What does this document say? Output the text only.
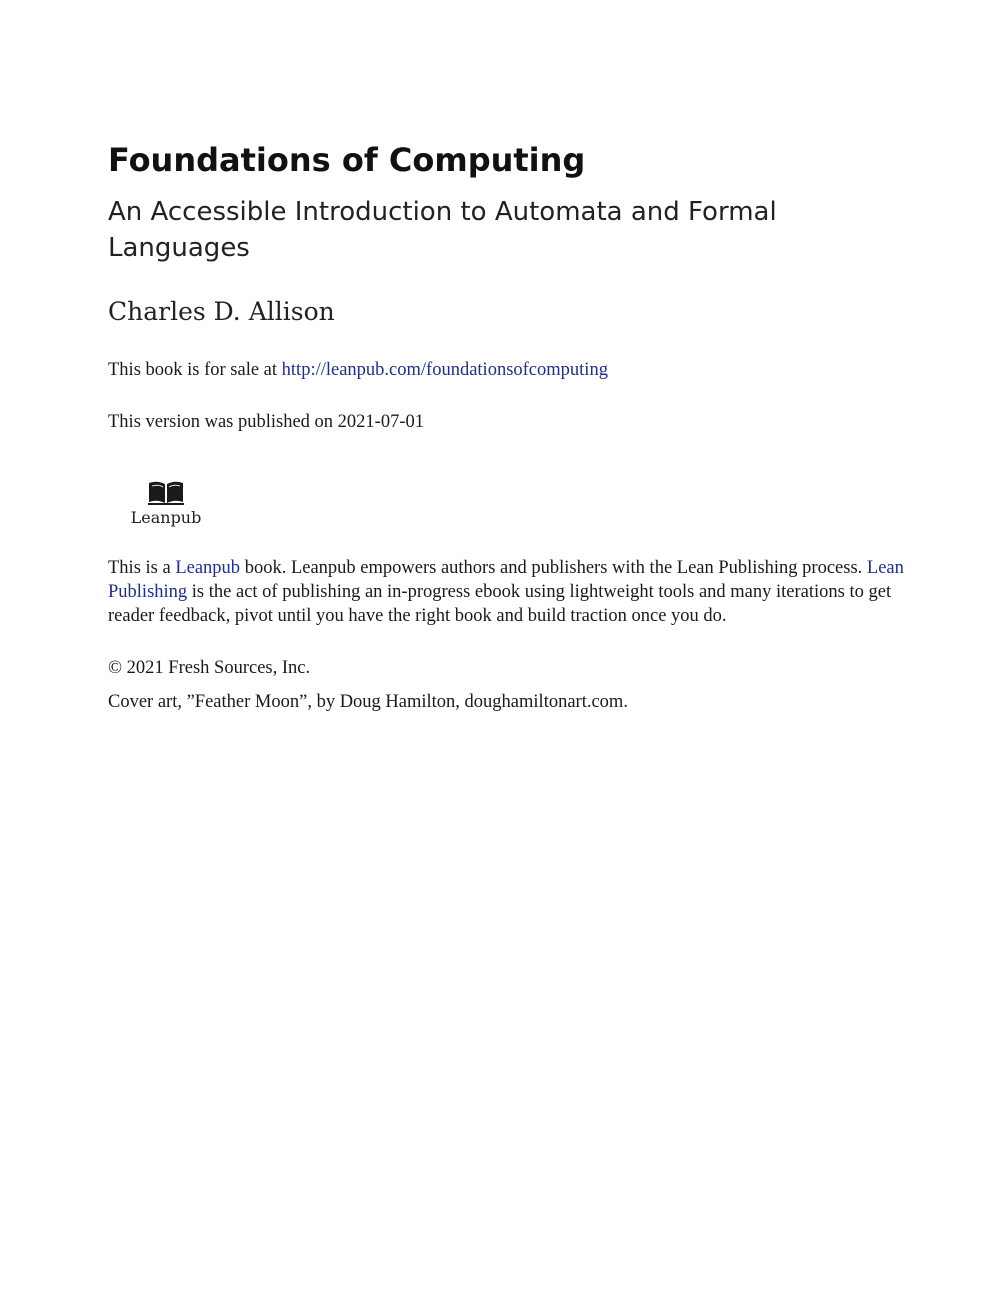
Foundations of Computing
An Accessible Introduction to Automata and Formal Languages

Charles D. Allison

This book is for sale at http://leanpub.com/foundationsofcomputing

This version was published on 2021-07-01

Leanpub

This is a Leanpub book. Leanpub empowers authors and publishers with the Lean Publishing process. Lean Publishing is the act of publishing an in-progress ebook using lightweight tools and many iterations to get reader feedback, pivot until you have the right book and build traction once you do.

© 2021 Fresh Sources, Inc.

Cover art, ”Feather Moon”, by Doug Hamilton, doughamiltonart.com.
